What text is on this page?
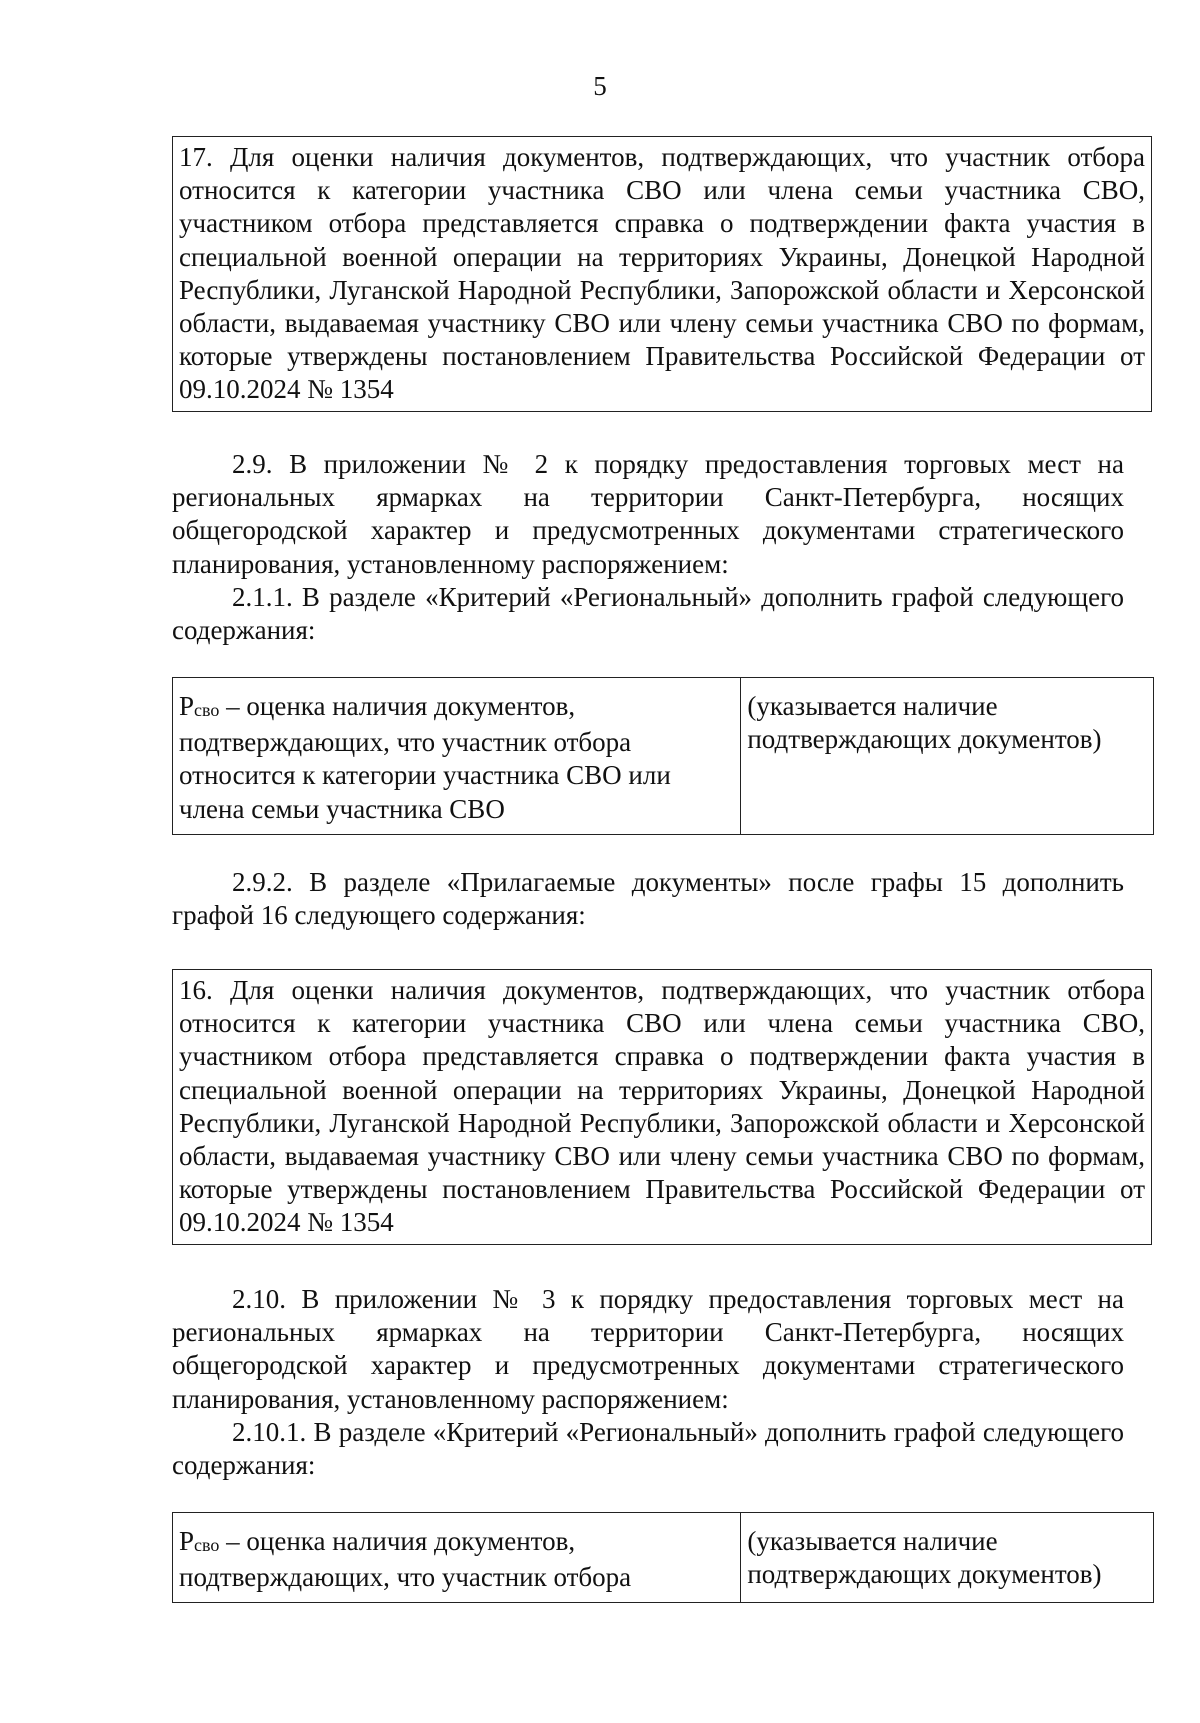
5
17. Для оценки наличия документов, подтверждающих, что участник отбора относится к категории участника СВО или члена семьи участника СВО, участником отбора представляется справка о подтверждении факта участия в специальной военной операции на территориях Украины, Донецкой Народной Республики, Луганской Народной Республики, Запорожской области и Херсонской области, выдаваемая участнику СВО или члену семьи участника СВО по формам, которые утверждены постановлением Правительства Российской Федерации от 09.10.2024 № 1354

2.9. В приложении № 2 к порядку предоставления торговых мест на региональных ярмарках на территории Санкт-Петербурга, носящих общегородской характер и предусмотренных документами стратегического планирования, установленному распоряжением:

2.1.1. В разделе «Критерий «Региональный» дополнить графой следующего содержания:

Рсво – оценка наличия документов, подтверждающих, что участник отбора относится к категории участника СВО или члена семьи участника СВО	(указывается наличие подтверждающих документов)

2.9.2. В разделе «Прилагаемые документы» после графы 15 дополнить графой 16 следующего содержания:

16. Для оценки наличия документов, подтверждающих, что участник отбора относится к категории участника СВО или члена семьи участника СВО, участником отбора представляется справка о подтверждении факта участия в специальной военной операции на территориях Украины, Донецкой Народной Республики, Луганской Народной Республики, Запорожской области и Херсонской области, выдаваемая участнику СВО или члену семьи участника СВО по формам, которые утверждены постановлением Правительства Российской Федерации от 09.10.2024 № 1354

2.10. В приложении № 3 к порядку предоставления торговых мест на региональных ярмарках на территории Санкт-Петербурга, носящих общегородской характер и предусмотренных документами стратегического планирования, установленному распоряжением:

2.10.1. В разделе «Критерий «Региональный» дополнить графой следующего содержания:

Рсво – оценка наличия документов, подтверждающих, что участник отбора	(указывается наличие подтверждающих документов)
